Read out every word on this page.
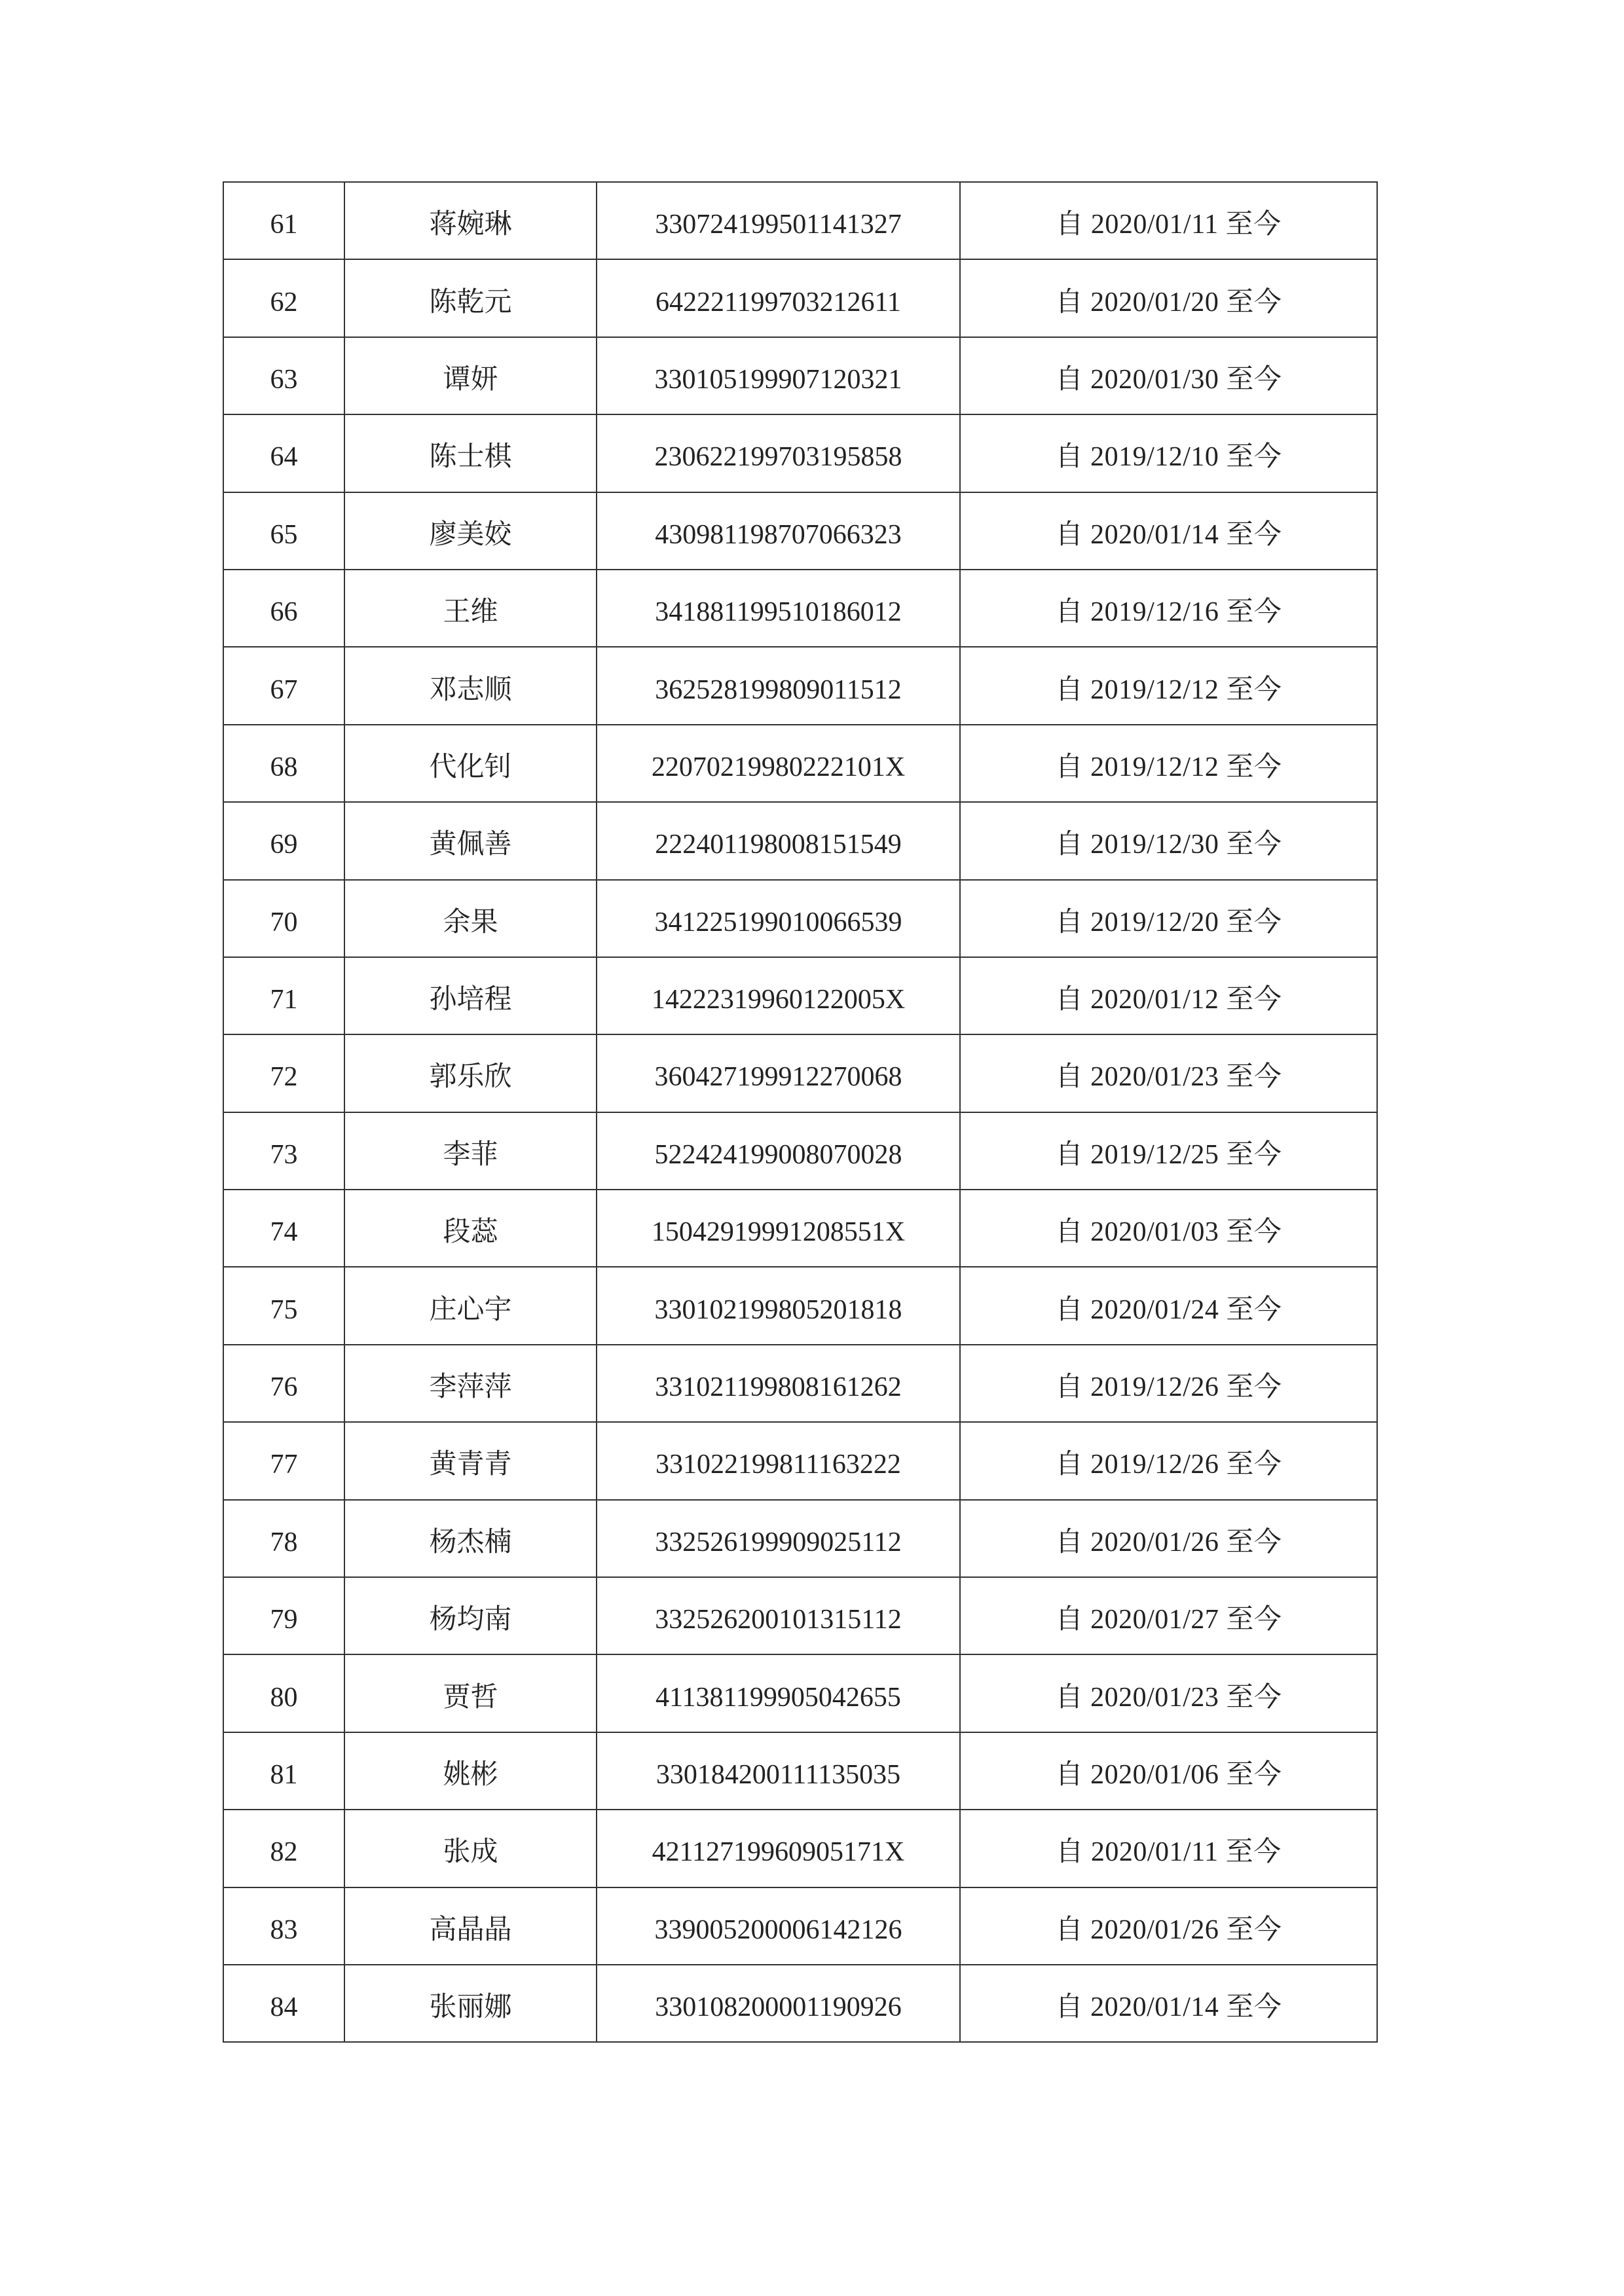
61	蒋婉琳	330724199501141327	自 2020/01/11 至今
62	陈乾元	642221199703212611	自 2020/01/20 至今
63	谭妍	330105199907120321	自 2020/01/30 至今
64	陈士棋	230622199703195858	自 2019/12/10 至今
65	廖美姣	430981198707066323	自 2020/01/14 至今
66	王维	341881199510186012	自 2019/12/16 至今
67	邓志顺	362528199809011512	自 2019/12/12 至今
68	代化钊	22070219980222101X	自 2019/12/12 至今
69	黄佩善	222401198008151549	自 2019/12/30 至今
70	余果	341225199010066539	自 2019/12/20 至今
71	孙培程	14222319960122005X	自 2020/01/12 至今
72	郭乐欣	360427199912270068	自 2020/01/23 至今
73	李菲	522424199008070028	自 2019/12/25 至今
74	段蕊	15042919991208551X	自 2020/01/03 至今
75	庄心宇	330102199805201818	自 2020/01/24 至今
76	李萍萍	331021199808161262	自 2019/12/26 至今
77	黄青青	331022199811163222	自 2019/12/26 至今
78	杨杰楠	332526199909025112	自 2020/01/26 至今
79	杨均南	332526200101315112	自 2020/01/27 至今
80	贾哲	411381199905042655	自 2020/01/23 至今
81	姚彬	330184200111135035	自 2020/01/06 至今
82	张成	42112719960905171X	自 2020/01/11 至今
83	高晶晶	339005200006142126	自 2020/01/26 至今
84	张丽娜	330108200001190926	自 2020/01/14 至今
